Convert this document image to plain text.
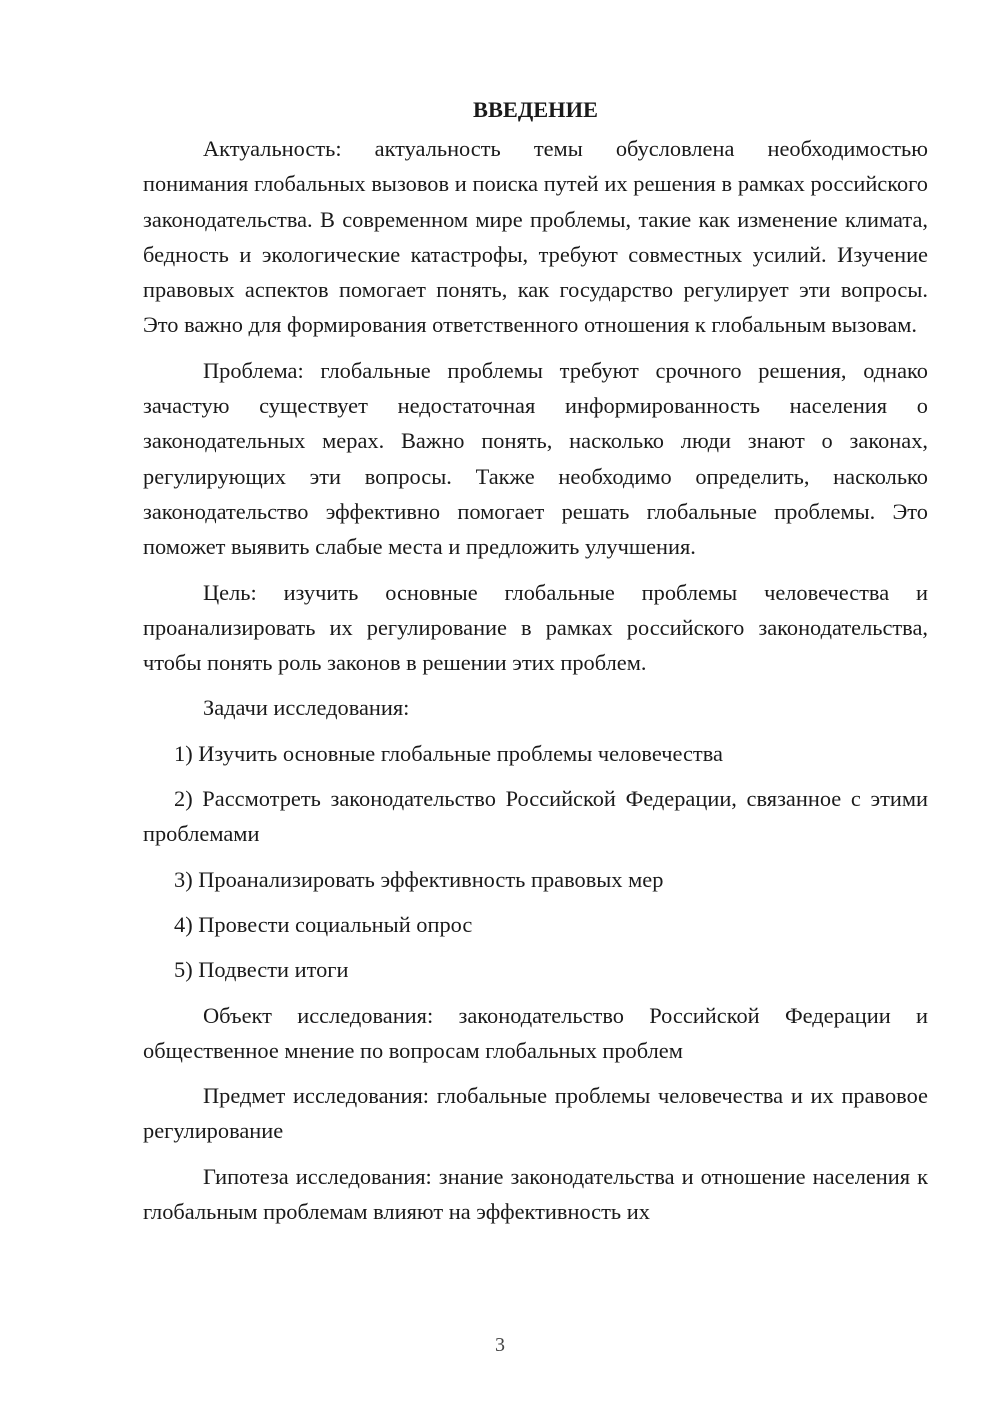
ВВЕДЕНИЕ

Актуальность: актуальность темы обусловлена необходимостью понимания глобальных вызовов и поиска путей их решения в рамках российского законодательства. В современном мире проблемы, такие как изменение климата, бедность и экологические катастрофы, требуют совместных усилий. Изучение правовых аспектов помогает понять, как государство регулирует эти вопросы. Это важно для формирования ответственного отношения к глобальным вызовам.

Проблема: глобальные проблемы требуют срочного решения, однако зачастую существует недостаточная информированность населения о законодательных мерах. Важно понять, насколько люди знают о законах, регулирующих эти вопросы. Также необходимо определить, насколько законодательство эффективно помогает решать глобальные проблемы. Это поможет выявить слабые места и предложить улучшения.

Цель: изучить основные глобальные проблемы человечества и проанализировать их регулирование в рамках российского законодательства, чтобы понять роль законов в решении этих проблем.

Задачи исследования:

1) Изучить основные глобальные проблемы человечества

2) Рассмотреть законодательство Российской Федерации, связанное с этими проблемами

3) Проанализировать эффективность правовых мер

4) Провести социальный опрос

5) Подвести итоги

Объект исследования: законодательство Российской Федерации и общественное мнение по вопросам глобальных проблем

Предмет исследования: глобальные проблемы человечества и их правовое регулирование

Гипотеза исследования: знание законодательства и отношение населения к глобальным проблемам влияют на эффективность их

3
